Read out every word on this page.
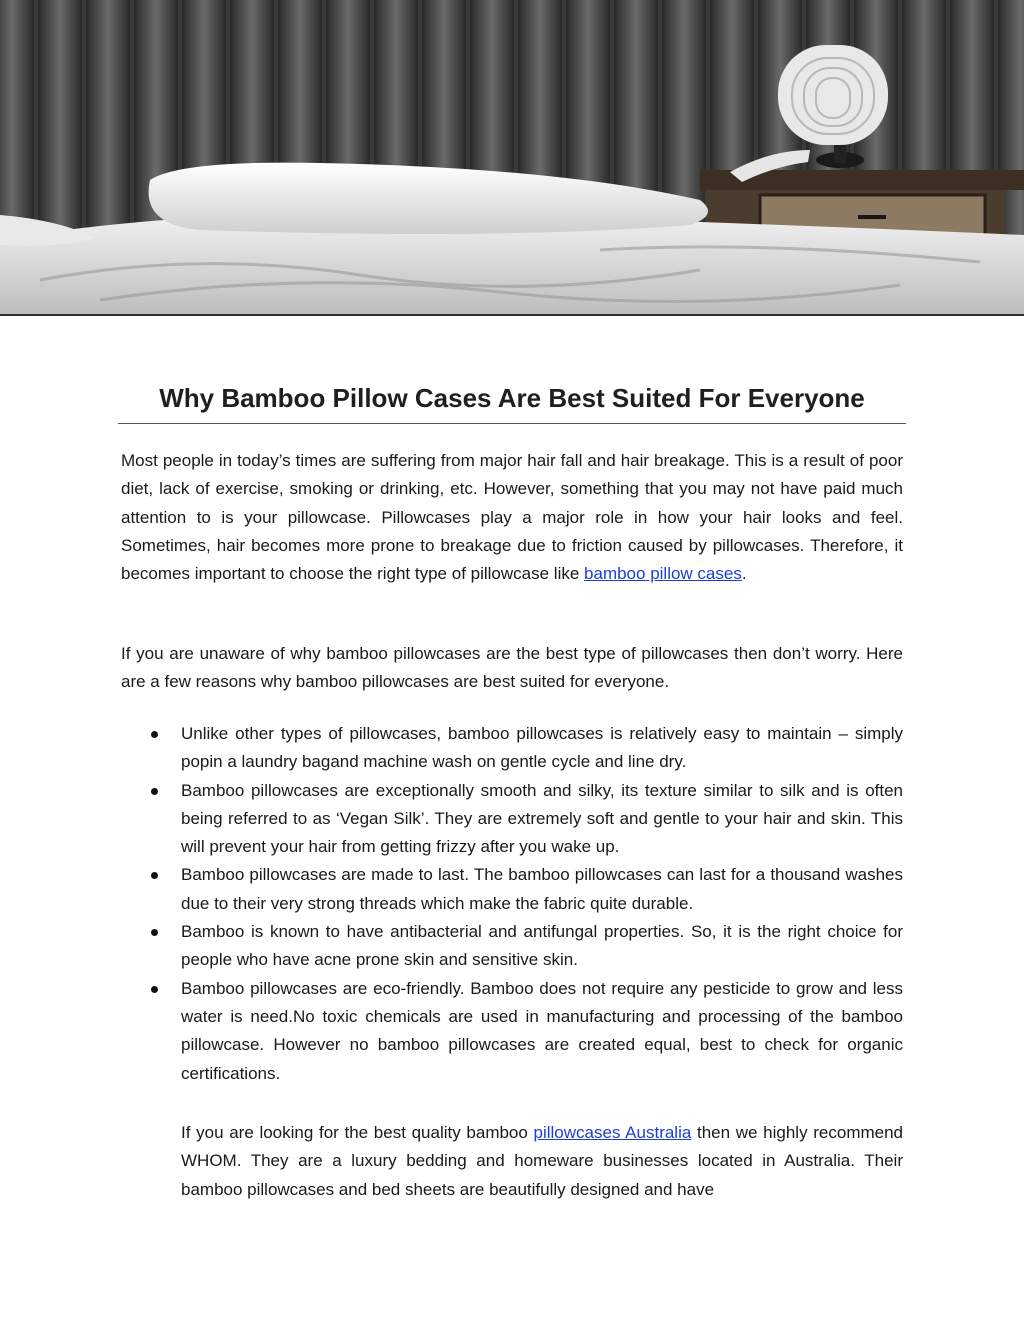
Why Bamboo Pillow Cases Are Best Suited For Everyone

Most people in today’s times are suffering from major hair fall and hair breakage. This is a result of poor diet, lack of exercise, smoking or drinking, etc. However, something that you may not have paid much attention to is your pillowcase. Pillowcases play a major role in how your hair looks and feel. Sometimes, hair becomes more prone to breakage due to friction caused by pillowcases. Therefore, it becomes important to choose the right type of pillowcase like bamboo pillow cases.

If you are unaware of why bamboo pillowcases are the best type of pillowcases then don’t worry. Here are a few reasons why bamboo pillowcases are best suited for everyone.

Unlike other types of pillowcases, bamboo pillowcases is relatively easy to maintain – simply popin a laundry bagand machine wash on gentle cycle and line dry.
Bamboo pillowcases are exceptionally smooth and silky, its texture similar to silk and is often being referred to as ‘Vegan Silk’. They are extremely soft and gentle to your hair and skin. This will prevent your hair from getting frizzy after you wake up.
Bamboo pillowcases are made to last. The bamboo pillowcases can last for a thousand washes due to their very strong threads which make the fabric quite durable.
Bamboo is known to have antibacterial and antifungal properties. So, it is the right choice for people who have acne prone skin and sensitive skin.
Bamboo pillowcases are eco-friendly. Bamboo does not require any pesticide to grow and less water is need.No toxic chemicals are used in manufacturing and processing of the bamboo pillowcase. However no bamboo pillowcases are created equal, best to check for organic certifications.

If you are looking for the best quality bamboo pillowcases Australia then we highly recommend WHOM. They are a luxury bedding and homeware businesses located in Australia. Their bamboo pillowcases and bed sheets are beautifully designed and have
